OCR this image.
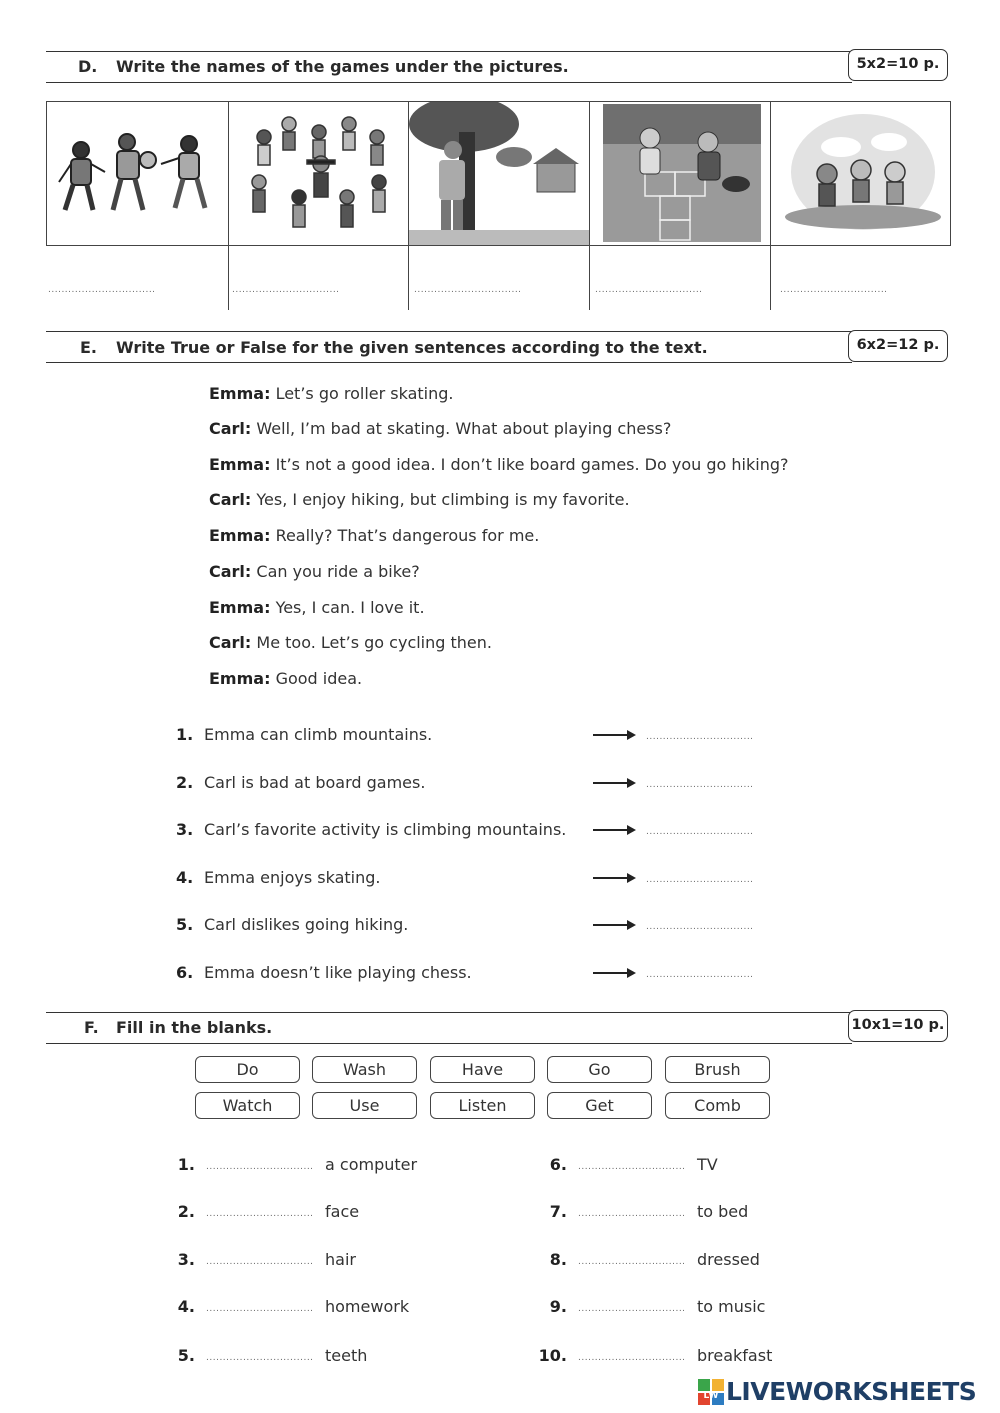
D. Write the names of the games under the pictures.	5x2=10 p.
................................	................................	................................	................................	................................
E. Write True or False for the given sentences according to the text.	6x2=12 p.
Emma: Let’s go roller skating.
Carl: Well, I’m bad at skating. What about playing chess?
Emma: It’s not a good idea. I don’t like board games. Do you go hiking?
Carl: Yes, I enjoy hiking, but climbing is my favorite.
Emma: Really? That’s dangerous for me.
Carl: Can you ride a bike?
Emma: Yes, I can. I love it.
Carl: Me too. Let’s go cycling then.
Emma: Good idea.
1. Emma can climb mountains.	................................
2. Carl is bad at board games.	................................
3. Carl’s favorite activity is climbing mountains.	................................
4. Emma enjoys skating.	................................
5. Carl dislikes going hiking.	................................
6. Emma doesn’t like playing chess.	................................
F. Fill in the blanks.	10x1=10 p.
Do	Wash	Have	Go	Brush
Watch	Use	Listen	Get	Comb
1. ................................ a computer
2. ................................ face
3. ................................ hair
4. ................................ homework
5. ................................ teeth
6. ................................ TV
7. ................................ to bed
8. ................................ dressed
9. ................................ to music
10. ................................ breakfast
LW LIVEWORKSHEETS
